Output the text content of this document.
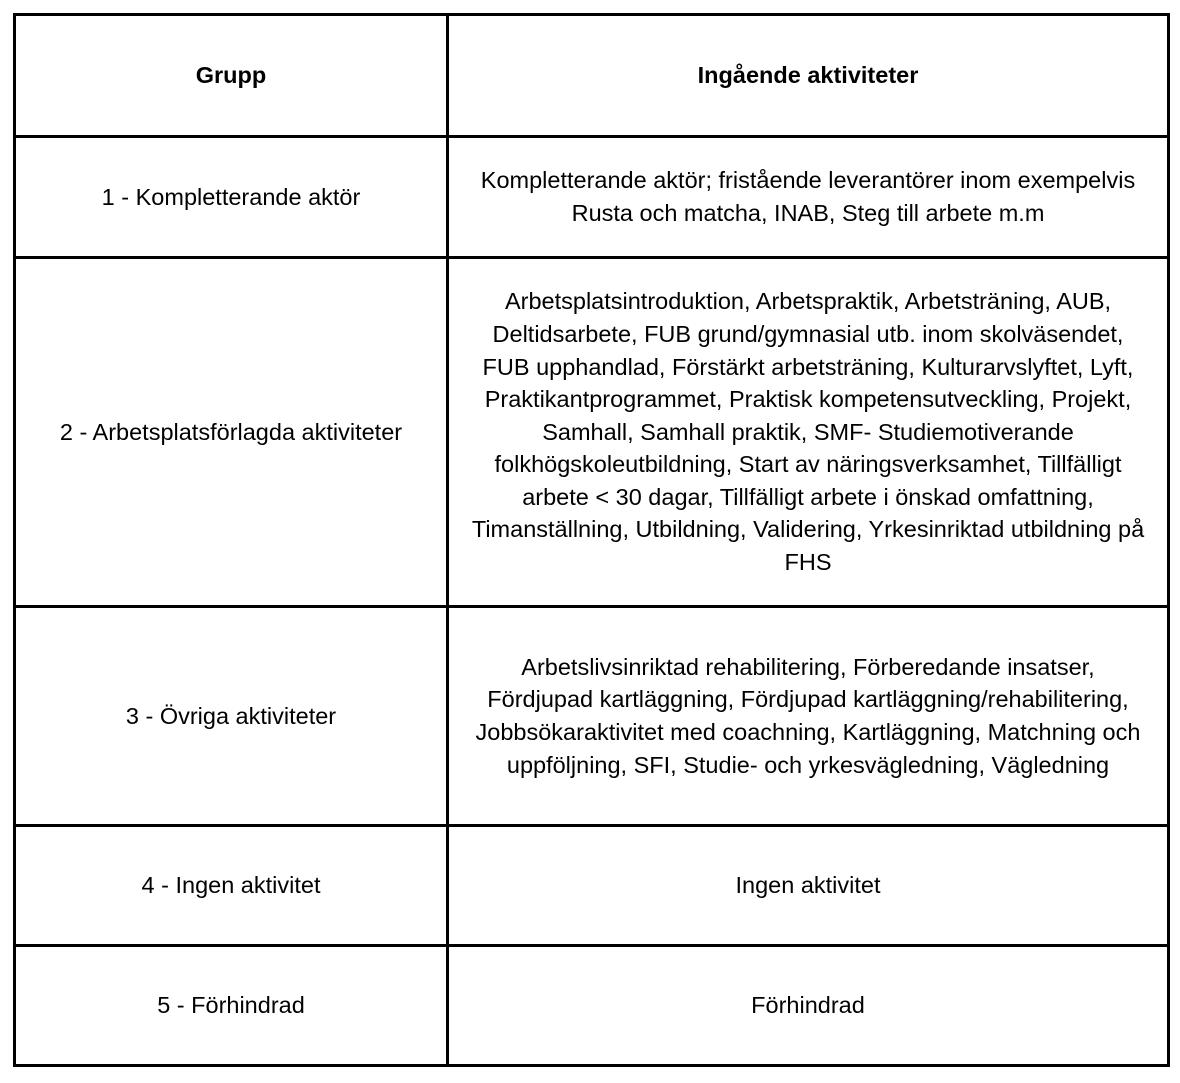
Grupp	Ingående aktiviteter
1 - Kompletterande aktör	Kompletterande aktör; fristående leverantörer inom exempelvis Rusta och matcha, INAB, Steg till arbete m.m
2 - Arbetsplatsförlagda aktiviteter	Arbetsplatsintroduktion, Arbetspraktik, Arbetsträning, AUB, Deltidsarbete, FUB grund/gymnasial utb. inom skolväsendet, FUB upphandlad, Förstärkt arbetsträning, Kulturarvslyftet, Lyft, Praktikantprogrammet, Praktisk kompetensutveckling, Projekt, Samhall, Samhall praktik, SMF- Studiemotiverande folkhögskoleutbildning, Start av näringsverksamhet, Tillfälligt arbete < 30 dagar, Tillfälligt arbete i önskad omfattning, Timanställning, Utbildning, Validering, Yrkesinriktad utbildning på FHS
3 - Övriga aktiviteter	Arbetslivsinriktad rehabilitering, Förberedande insatser, Fördjupad kartläggning, Fördjupad kartläggning/rehabilitering, Jobbsökaraktivitet med coachning, Kartläggning, Matchning och uppföljning, SFI, Studie- och yrkesvägledning, Vägledning
4 - Ingen aktivitet	Ingen aktivitet
5 - Förhindrad	Förhindrad
